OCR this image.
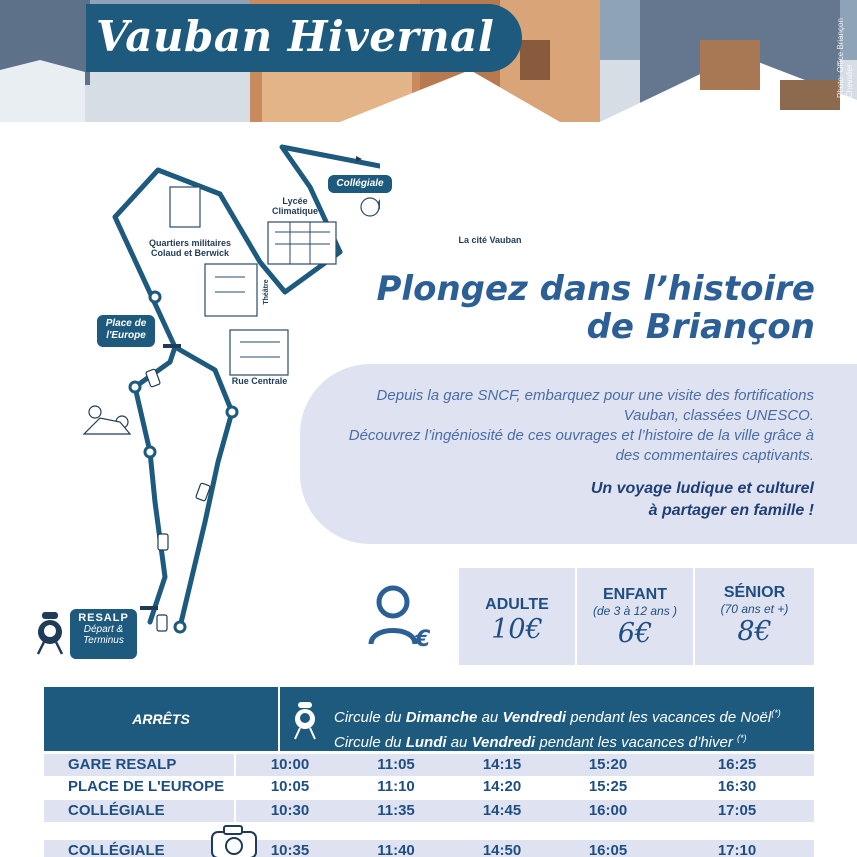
Vauban Hivernal	Photo: Office Briançon Chevalier
Collégiale
Lycée
Climatique
Quartiers militaires
Colaud et Berwick
Théâtre
La cité Vauban
Place de
l'Europe
Rue Centrale
RESALP
Départ &
Terminus
Plongez dans l’histoire
de Briançon
Depuis la gare SNCF, embarquez pour une visite des fortifications Vauban, classées UNESCO.
Découvrez l’ingéniosité de ces ouvrages et l’histoire de la ville grâce à des commentaires captivants.
Un voyage ludique et culturel
à partager en famille !
€
ADULTE
10€
ENFANT
(de 3 à 12 ans )
6€
SÉNIOR
(70 ans et +)
8€
ARRÊTS	Circule du Dimanche au Vendredi pendant les vacances de Noël(*)
Circule du Lundi au Vendredi pendant les vacances d’hiver (*)
GARE RESALP	10:00	11:05	14:15	15:20	16:25
PLACE DE L'EUROPE	10:05	11:10	14:20	15:25	16:30
COLLÉGIALE	10:30	11:35	14:45	16:00	17:05
COLLÉGIALE	10:35	11:40	14:50	16:05	17:10
